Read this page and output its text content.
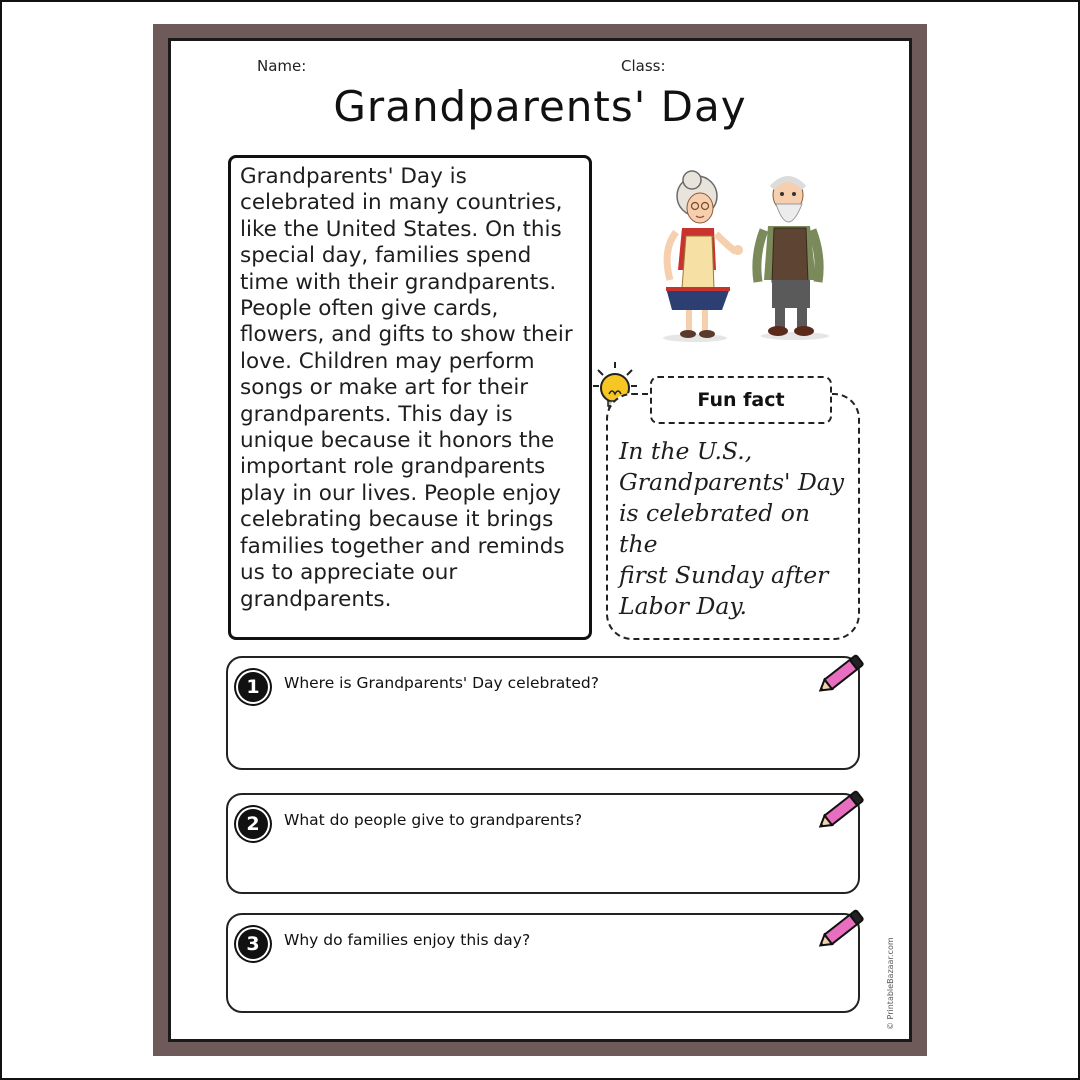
Name:	Class:
Grandparents' Day

Grandparents' Day is
celebrated in many countries,
like the United States. On this
special day, families spend
time with their grandparents.
People often give cards,
flowers, and gifts to show their
love. Children may perform
songs or make art for their
grandparents. This day is
unique because it honors the
important role grandparents
play in our lives. People enjoy
celebrating because it brings
families together and reminds
us to appreciate our
grandparents.

Fun fact

In the U.S.,
Grandparents' Day
is celebrated on the
first Sunday after
Labor Day.

1	Where is Grandparents' Day celebrated?
2	What do people give to grandparents?
3	Why do families enjoy this day?	© PrintableBazaar.com
